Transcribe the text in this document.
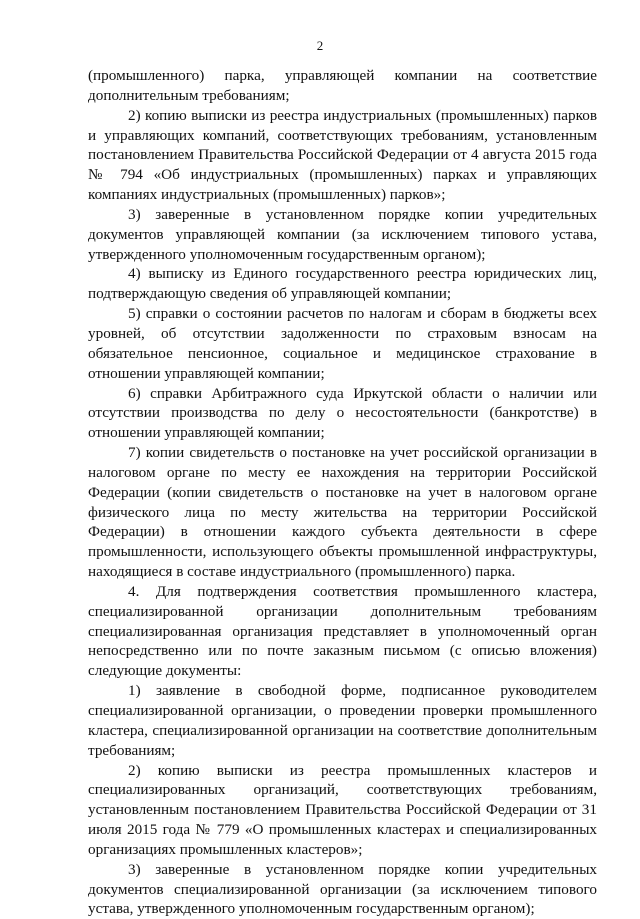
2

(промышленного) парка, управляющей компании на соответствие дополнительным требованиям;

2) копию выписки из реестра индустриальных (промышленных) парков и управляющих компаний, соответствующих требованиям, установленным постановлением Правительства Российской Федерации от 4 августа 2015 года № 794 «Об индустриальных (промышленных) парках и управляющих компаниях индустриальных (промышленных) парков»;

3) заверенные в установленном порядке копии учредительных документов управляющей компании (за исключением типового устава, утвержденного уполномоченным государственным органом);

4) выписку из Единого государственного реестра юридических лиц, подтверждающую сведения об управляющей компании;

5) справки о состоянии расчетов по налогам и сборам в бюджеты всех уровней, об отсутствии задолженности по страховым взносам на обязательное пенсионное, социальное и медицинское страхование в отношении управляющей компании;

6) справки Арбитражного суда Иркутской области о наличии или отсутствии производства по делу о несостоятельности (банкротстве) в отношении управляющей компании;

7) копии свидетельств о постановке на учет российской организации в налоговом органе по месту ее нахождения на территории Российской Федерации (копии свидетельств о постановке на учет в налоговом органе физического лица по месту жительства на территории Российской Федерации) в отношении каждого субъекта деятельности в сфере промышленности, использующего объекты промышленной инфраструктуры, находящиеся в составе индустриального (промышленного) парка.

4. Для подтверждения соответствия промышленного кластера, специализированной организации дополнительным требованиям специализированная организация представляет в уполномоченный орган непосредственно или по почте заказным письмом (с описью вложения) следующие документы:

1) заявление в свободной форме, подписанное руководителем специализированной организации, о проведении проверки промышленного кластера, специализированной организации на соответствие дополнительным требованиям;

2) копию выписки из реестра промышленных кластеров и специализированных организаций, соответствующих требованиям, установленным постановлением Правительства Российской Федерации от 31 июля 2015 года № 779 «О промышленных кластерах и специализированных организациях промышленных кластеров»;

3) заверенные в установленном порядке копии учредительных документов специализированной организации (за исключением типового устава, утвержденного уполномоченным государственным органом);
